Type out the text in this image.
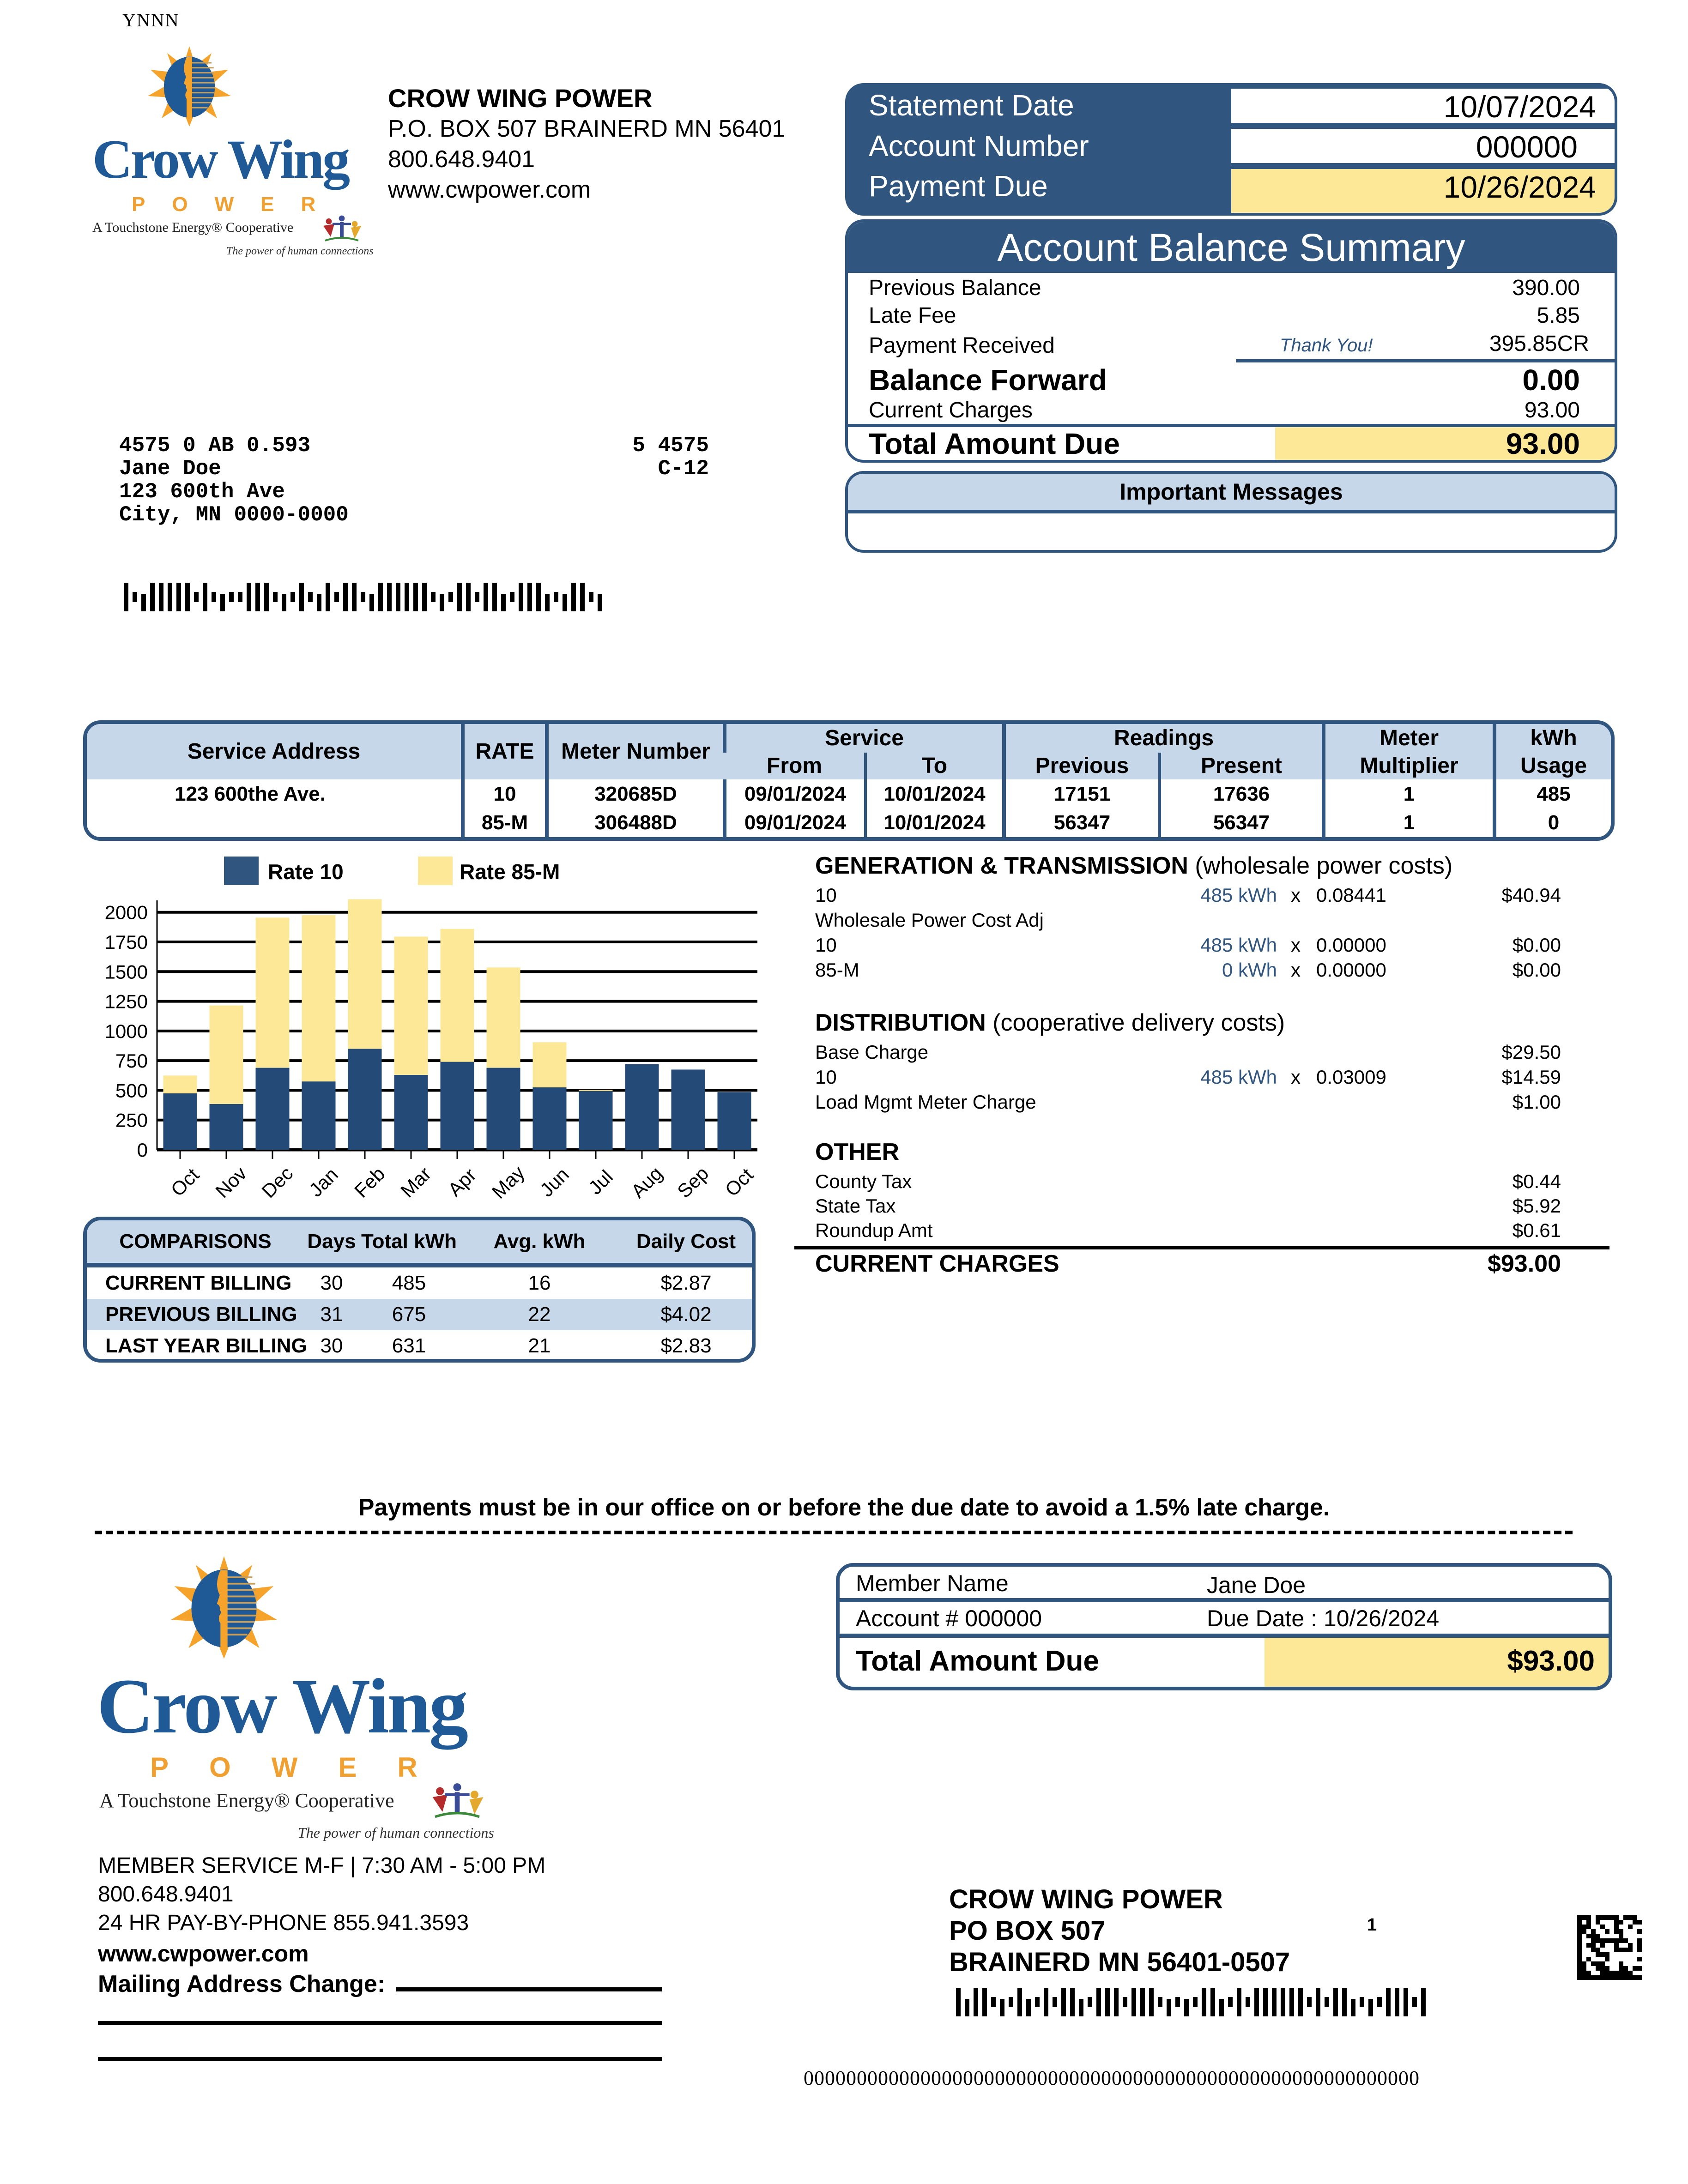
YNNN
Crow Wing
POWER
A Touchstone Energy® Cooperative
The power of human connections
CROW WING POWER
P.O. BOX 507 BRAINERD MN 56401
800.648.9401
www.cwpower.com
Statement Date	10/07/2024
Account Number	000000
Payment Due	10/26/2024
Account Balance Summary
Previous Balance	390.00
Late Fee	5.85
Payment Received	Thank You!	395.85CR
Balance Forward	0.00
Current Charges	93.00
Total Amount Due	93.00
Important Messages
4575 0 AB 0.593
Jane Doe
123 600th Ave
City, MN 0000-0000
5 4575
C-12
Service Address	RATE	Meter Number	Service		Readings		Meter	kWh
			From	To	Previous	Present	Multiplier	Usage
123 600the Ave.	10	320685D	09/01/2024	10/01/2024	17151	17636	1	485
	85-M	306488D	09/01/2024	10/01/2024	56347	56347	1	0
Rate 10	Rate 85-M
0
250
500
750
1000
1250
1500
1750
2000
Oct Nov Dec Jan Feb Mar Apr May Jun Jul Aug Sep Oct
GENERATION & TRANSMISSION (wholesale power costs)
10	485 kWh x 0.08441	$40.94
Wholesale Power Cost Adj
10	485 kWh x 0.00000	$0.00
85-M	0 kWh x 0.00000	$0.00
DISTRIBUTION (cooperative delivery costs)
Base Charge	$29.50
10	485 kWh x 0.03009	$14.59
Load Mgmt Meter Charge	$1.00
OTHER
County Tax	$0.44
State Tax	$5.92
Roundup Amt	$0.61
CURRENT CHARGES	$93.00
COMPARISONS	Days	Total kWh	Avg. kWh	Daily Cost
CURRENT BILLING	30	485	16	$2.87
PREVIOUS BILLING	31	675	22	$4.02
LAST YEAR BILLING	30	631	21	$2.83
Payments must be in our office on or before the due date to avoid a 1.5% late charge.
Crow Wing
POWER
A Touchstone Energy® Cooperative
The power of human connections
Member Name	Jane Doe
Account # 000000	Due Date : 10/26/2024
Total Amount Due	$93.00
MEMBER SERVICE M-F | 7:30 AM - 5:00 PM
800.648.9401
24 HR PAY-BY-PHONE 855.941.3593
www.cwpower.com
Mailing Address Change:
CROW WING POWER
PO BOX 507
BRAINERD MN 56401-0507
1
0000000000000000000000000000000000000000000000000000000000
